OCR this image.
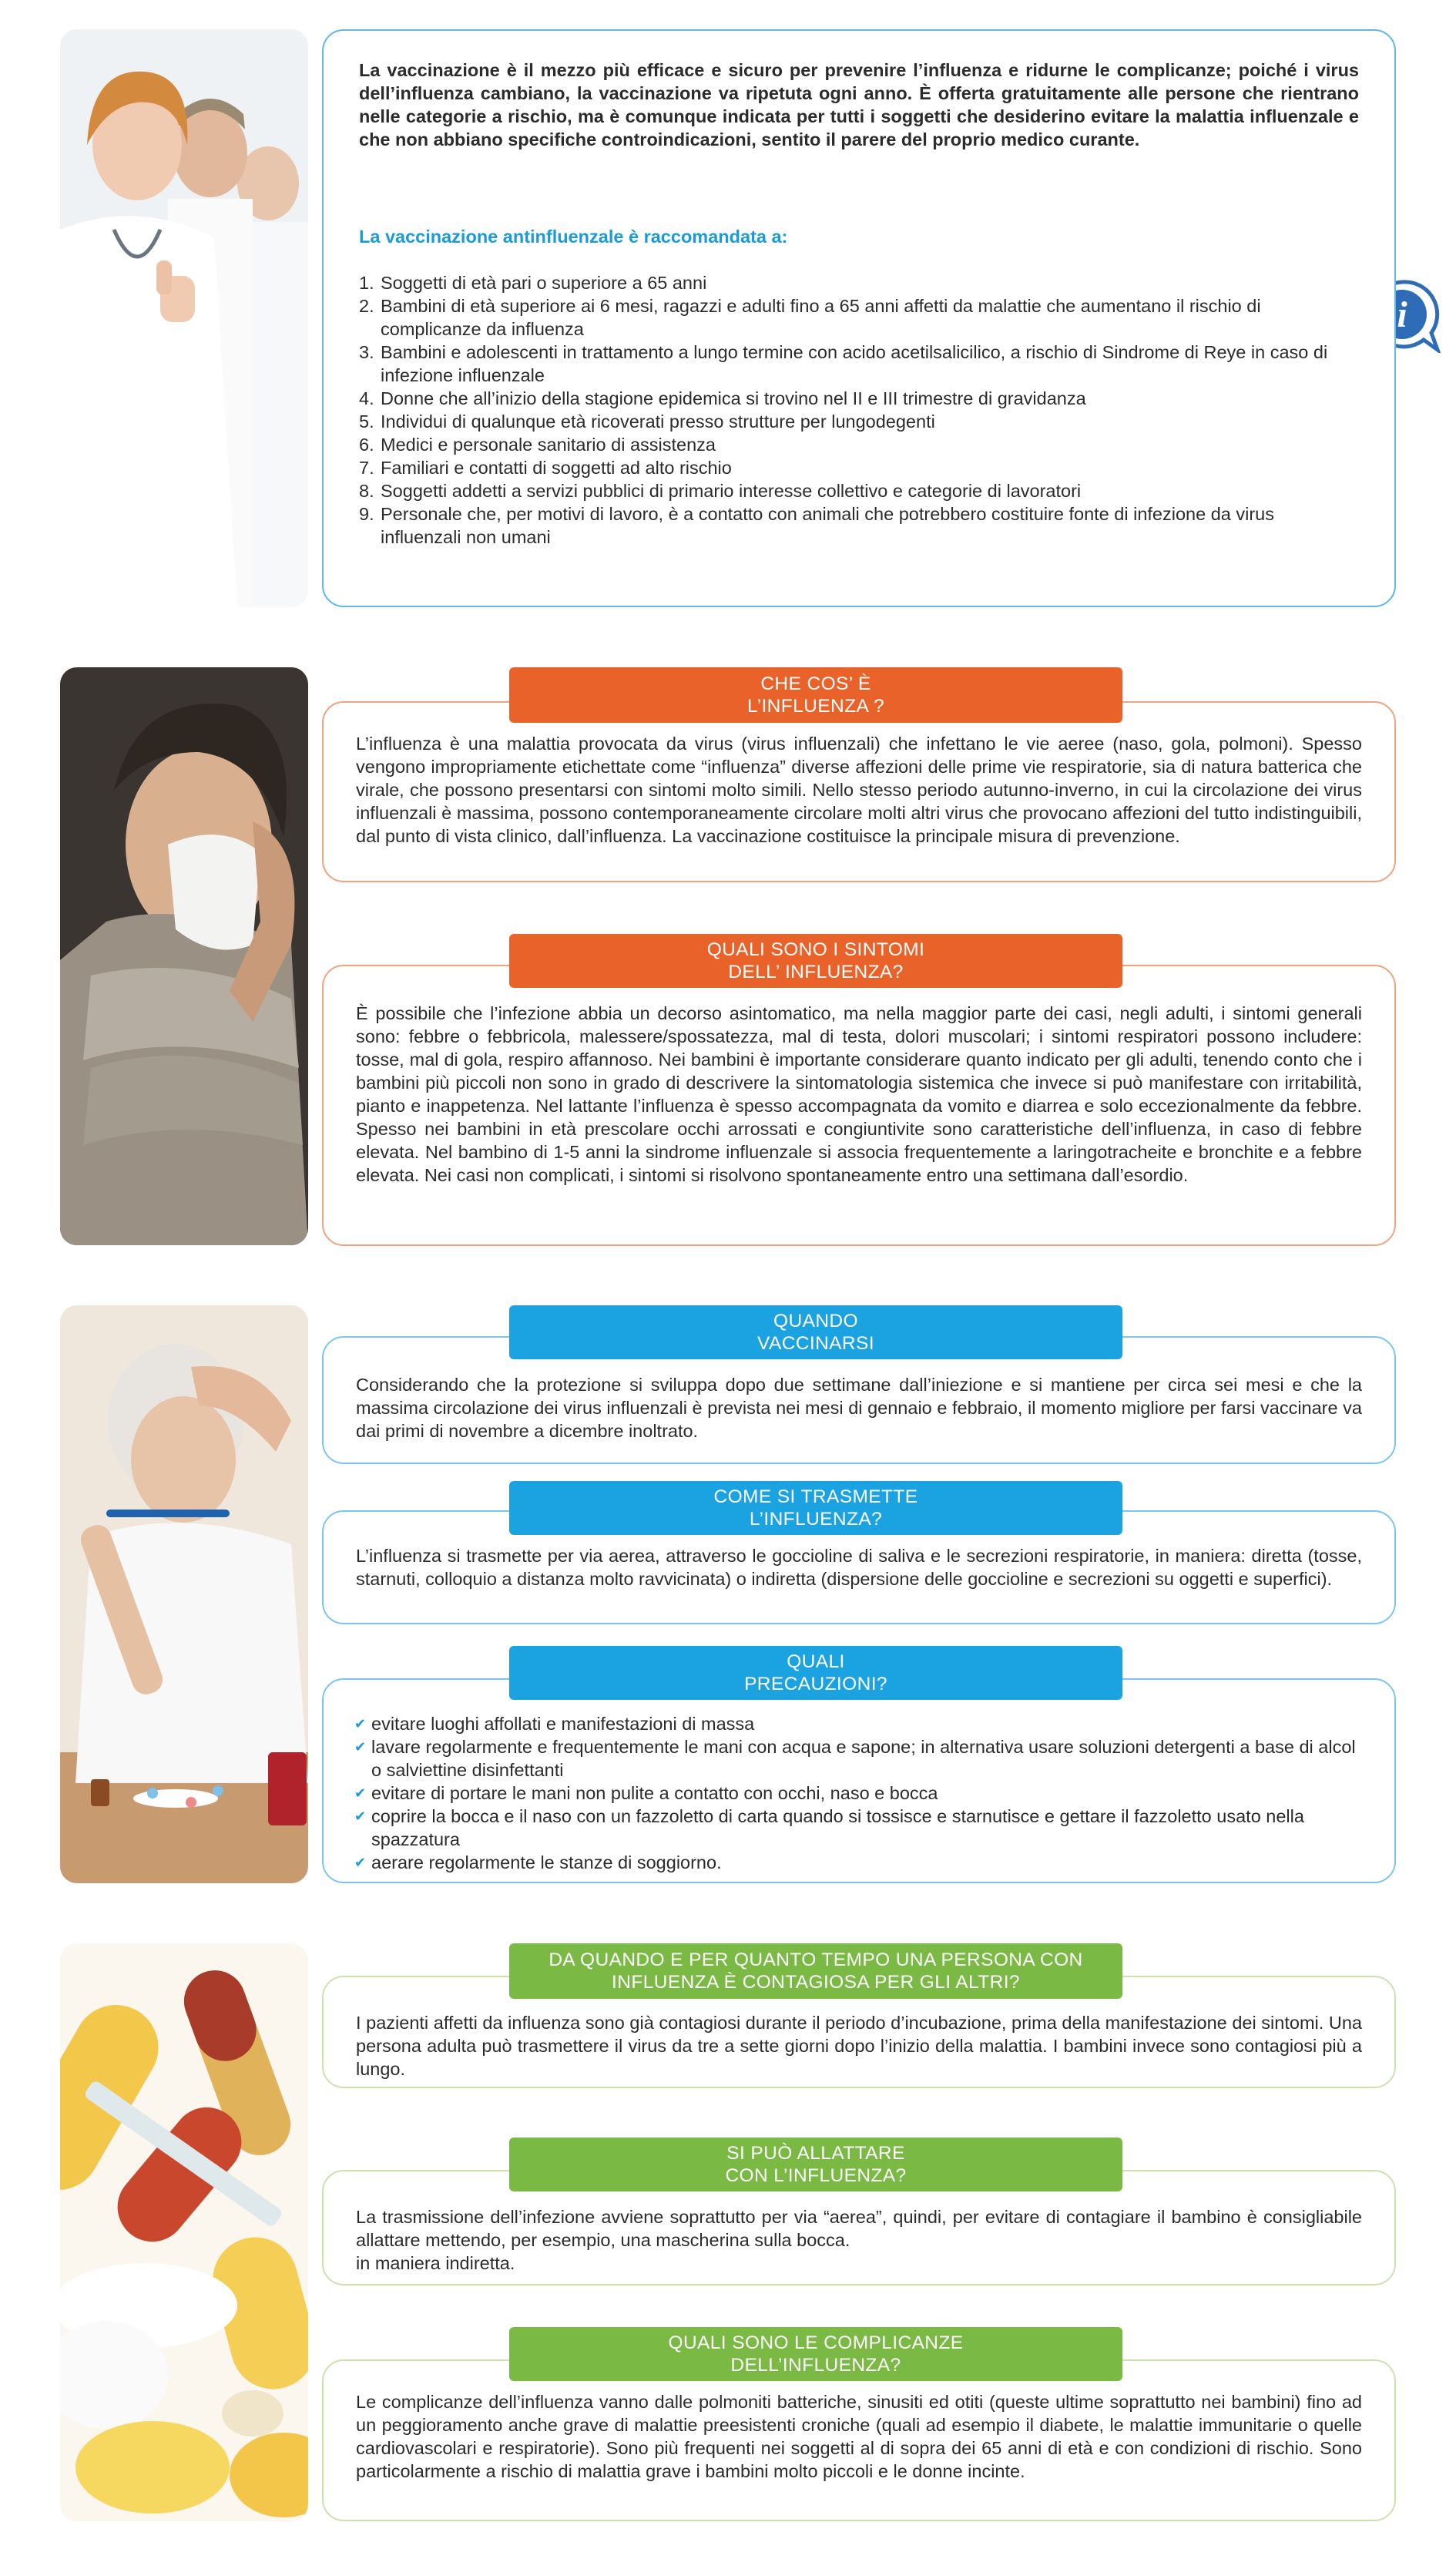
i

La vaccinazione è il mezzo più efficace e sicuro per prevenire l’influenza e ridurne le complicanze; poiché i virus dell’influenza cambiano, la vaccinazione va ripetuta ogni anno. È offerta gratuitamente alle persone che rientrano nelle categorie a rischio, ma è comunque indicata per tutti i soggetti che desiderino evitare la malattia influenzale e che non abbiano specifiche controindicazioni, sentito il parere del proprio medico curante.

La vaccinazione antinfluenzale è raccomandata a:

1. Soggetti di età pari o superiore a 65 anni
2. Bambini di età superiore ai 6 mesi, ragazzi e adulti fino a 65 anni affetti da malattie che aumentano il rischio di complicanze da influenza
3. Bambini e adolescenti in trattamento a lungo termine con acido acetilsalicilico, a rischio di Sindrome di Reye in caso di infezione influenzale
4. Donne che all’inizio della stagione epidemica si trovino nel II e III trimestre di gravidanza
5. Individui di qualunque età ricoverati presso strutture per lungodegenti
6. Medici e personale sanitario di assistenza
7. Familiari e contatti di soggetti ad alto rischio
8. Soggetti addetti a servizi pubblici di primario interesse collettivo e categorie di lavoratori
9. Personale che, per motivi di lavoro, è a contatto con animali che potrebbero costituire fonte di infezione da virus influenzali non umani

L’influenza è una malattia provocata da virus (virus influenzali) che infettano le vie aeree (naso, gola, polmoni). Spesso vengono impropriamente etichettate come “influenza” diverse affezioni delle prime vie respiratorie, sia di natura batterica che virale, che possono presentarsi con sintomi molto simili. Nello stesso periodo autunno-inverno, in cui la circolazione dei virus influenzali è massima, possono contemporaneamente circolare molti altri virus che provocano affezioni del tutto indistinguibili, dal punto di vista clinico, dall’influenza. La vaccinazione costituisce la principale misura di prevenzione.

CHE COS’ È
L’INFLUENZA ?

È possibile che l’infezione abbia un decorso asintomatico, ma nella maggior parte dei casi, negli adulti, i sintomi generali sono: febbre o febbricola, malessere/spossatezza, mal di testa, dolori muscolari; i sintomi respiratori possono includere: tosse, mal di gola, respiro affannoso. Nei bambini è importante considerare quanto indicato per gli adulti, tenendo conto che i bambini più piccoli non sono in grado di descrivere la sintomatologia sistemica che invece si può manifestare con irritabilità, pianto e inappetenza. Nel lattante l’influenza è spesso accompagnata da vomito e diarrea e solo eccezionalmente da febbre. Spesso nei bambini in età prescolare occhi arrossati e congiuntivite sono caratteristiche dell’influenza, in caso di febbre elevata. Nel bambino di 1-5 anni la sindrome influenzale si associa frequentemente a laringotracheite e bronchite e a febbre elevata. Nei casi non complicati, i sintomi si risolvono spontaneamente entro una settimana dall’esordio.

QUALI SONO I SINTOMI
DELL’ INFLUENZA?

Considerando che la protezione si sviluppa dopo due settimane dall’iniezione e si mantiene per circa sei mesi e che la massima circolazione dei virus influenzali è prevista nei mesi di gennaio e febbraio, il momento migliore per farsi vaccinare va dai primi di novembre a dicembre inoltrato.

QUANDO
VACCINARSI

L’influenza si trasmette per via aerea, attraverso le goccioline di saliva e le secrezioni respiratorie, in maniera: diretta (tosse, starnuti, colloquio a distanza molto ravvicinata) o indiretta (dispersione delle goccioline e secrezioni su oggetti e superfici).

COME SI TRASMETTE
L’INFLUENZA?
✔ evitare luoghi affollati e manifestazioni di massa
✔ lavare regolarmente e frequentemente le mani con acqua e sapone; in alternativa usare soluzioni detergenti a base di alcol o salviettine disinfettanti
✔ evitare di portare le mani non pulite a contatto con occhi, naso e bocca
✔ coprire la bocca e il naso con un fazzoletto di carta quando si tossisce e starnutisce e gettare il fazzoletto usato nella spazzatura
✔ aerare regolarmente le stanze di soggiorno.
QUALI
PRECAUZIONI?

I pazienti affetti da influenza sono già contagiosi durante il periodo d’incubazione, prima della manifestazione dei sintomi. Una persona adulta può trasmettere il virus da tre a sette giorni dopo l’inizio della malattia. I bambini invece sono contagiosi più a lungo.

DA QUANDO E PER QUANTO TEMPO UNA PERSONA CON
INFLUENZA È CONTAGIOSA PER GLI ALTRI?

La trasmissione dell’infezione avviene soprattutto per via “aerea”, quindi, per evitare di contagiare il bambino è consigliabile allattare mettendo, per esempio, una mascherina sulla bocca.

in maniera indiretta.

SI PUÒ ALLATTARE
CON L’INFLUENZA?

Le complicanze dell’influenza vanno dalle polmoniti batteriche, sinusiti ed otiti (queste ultime soprattutto nei bambini) fino ad un peggioramento anche grave di malattie preesistenti croniche (quali ad esempio il diabete, le malattie immunitarie o quelle cardiovascolari e respiratorie). Sono più frequenti nei soggetti al di sopra dei 65 anni di età e con condizioni di rischio. Sono particolarmente a rischio di malattia grave i bambini molto piccoli e le donne incinte.

QUALI SONO LE COMPLICANZE
DELL’INFLUENZA?
